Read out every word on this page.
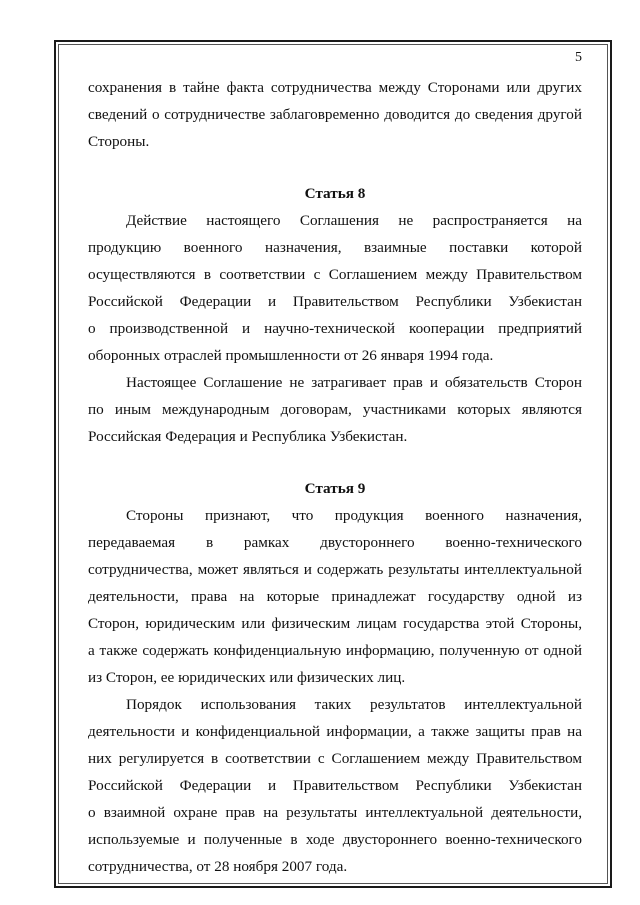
5

сохранения в тайне факта сотрудничества между Сторонами или других
сведений о сотрудничестве заблаговременно доводится до сведения другой
Стороны.

Статья 8

Действие настоящего Соглашения не распространяется на
продукцию военного назначения, взаимные поставки которой
осуществляются в соответствии с Соглашением между Правительством
Российской Федерации и Правительством Республики Узбекистан
о производственной и научно-технической кооперации предприятий
оборонных отраслей промышленности от 26 января 1994 года.

Настоящее Соглашение не затрагивает прав и обязательств Сторон
по иным международным договорам, участниками которых являются
Российская Федерация и Республика Узбекистан.

Статья 9

Стороны признают, что продукция военного назначения,
передаваемая в рамках двустороннего военно-технического
сотрудничества, может являться и содержать результаты интеллектуальной
деятельности, права на которые принадлежат государству одной из
Сторон, юридическим или физическим лицам государства этой Стороны,
а также содержать конфиденциальную информацию, полученную от одной
из Сторон, ее юридических или физических лиц.

Порядок использования таких результатов интеллектуальной
деятельности и конфиденциальной информации, а также защиты прав на
них регулируется в соответствии с Соглашением между Правительством
Российской Федерации и Правительством Республики Узбекистан
о взаимной охране прав на результаты интеллектуальной деятельности,
используемые и полученные в ходе двустороннего военно-технического
сотрудничества, от 28 ноября 2007 года.
